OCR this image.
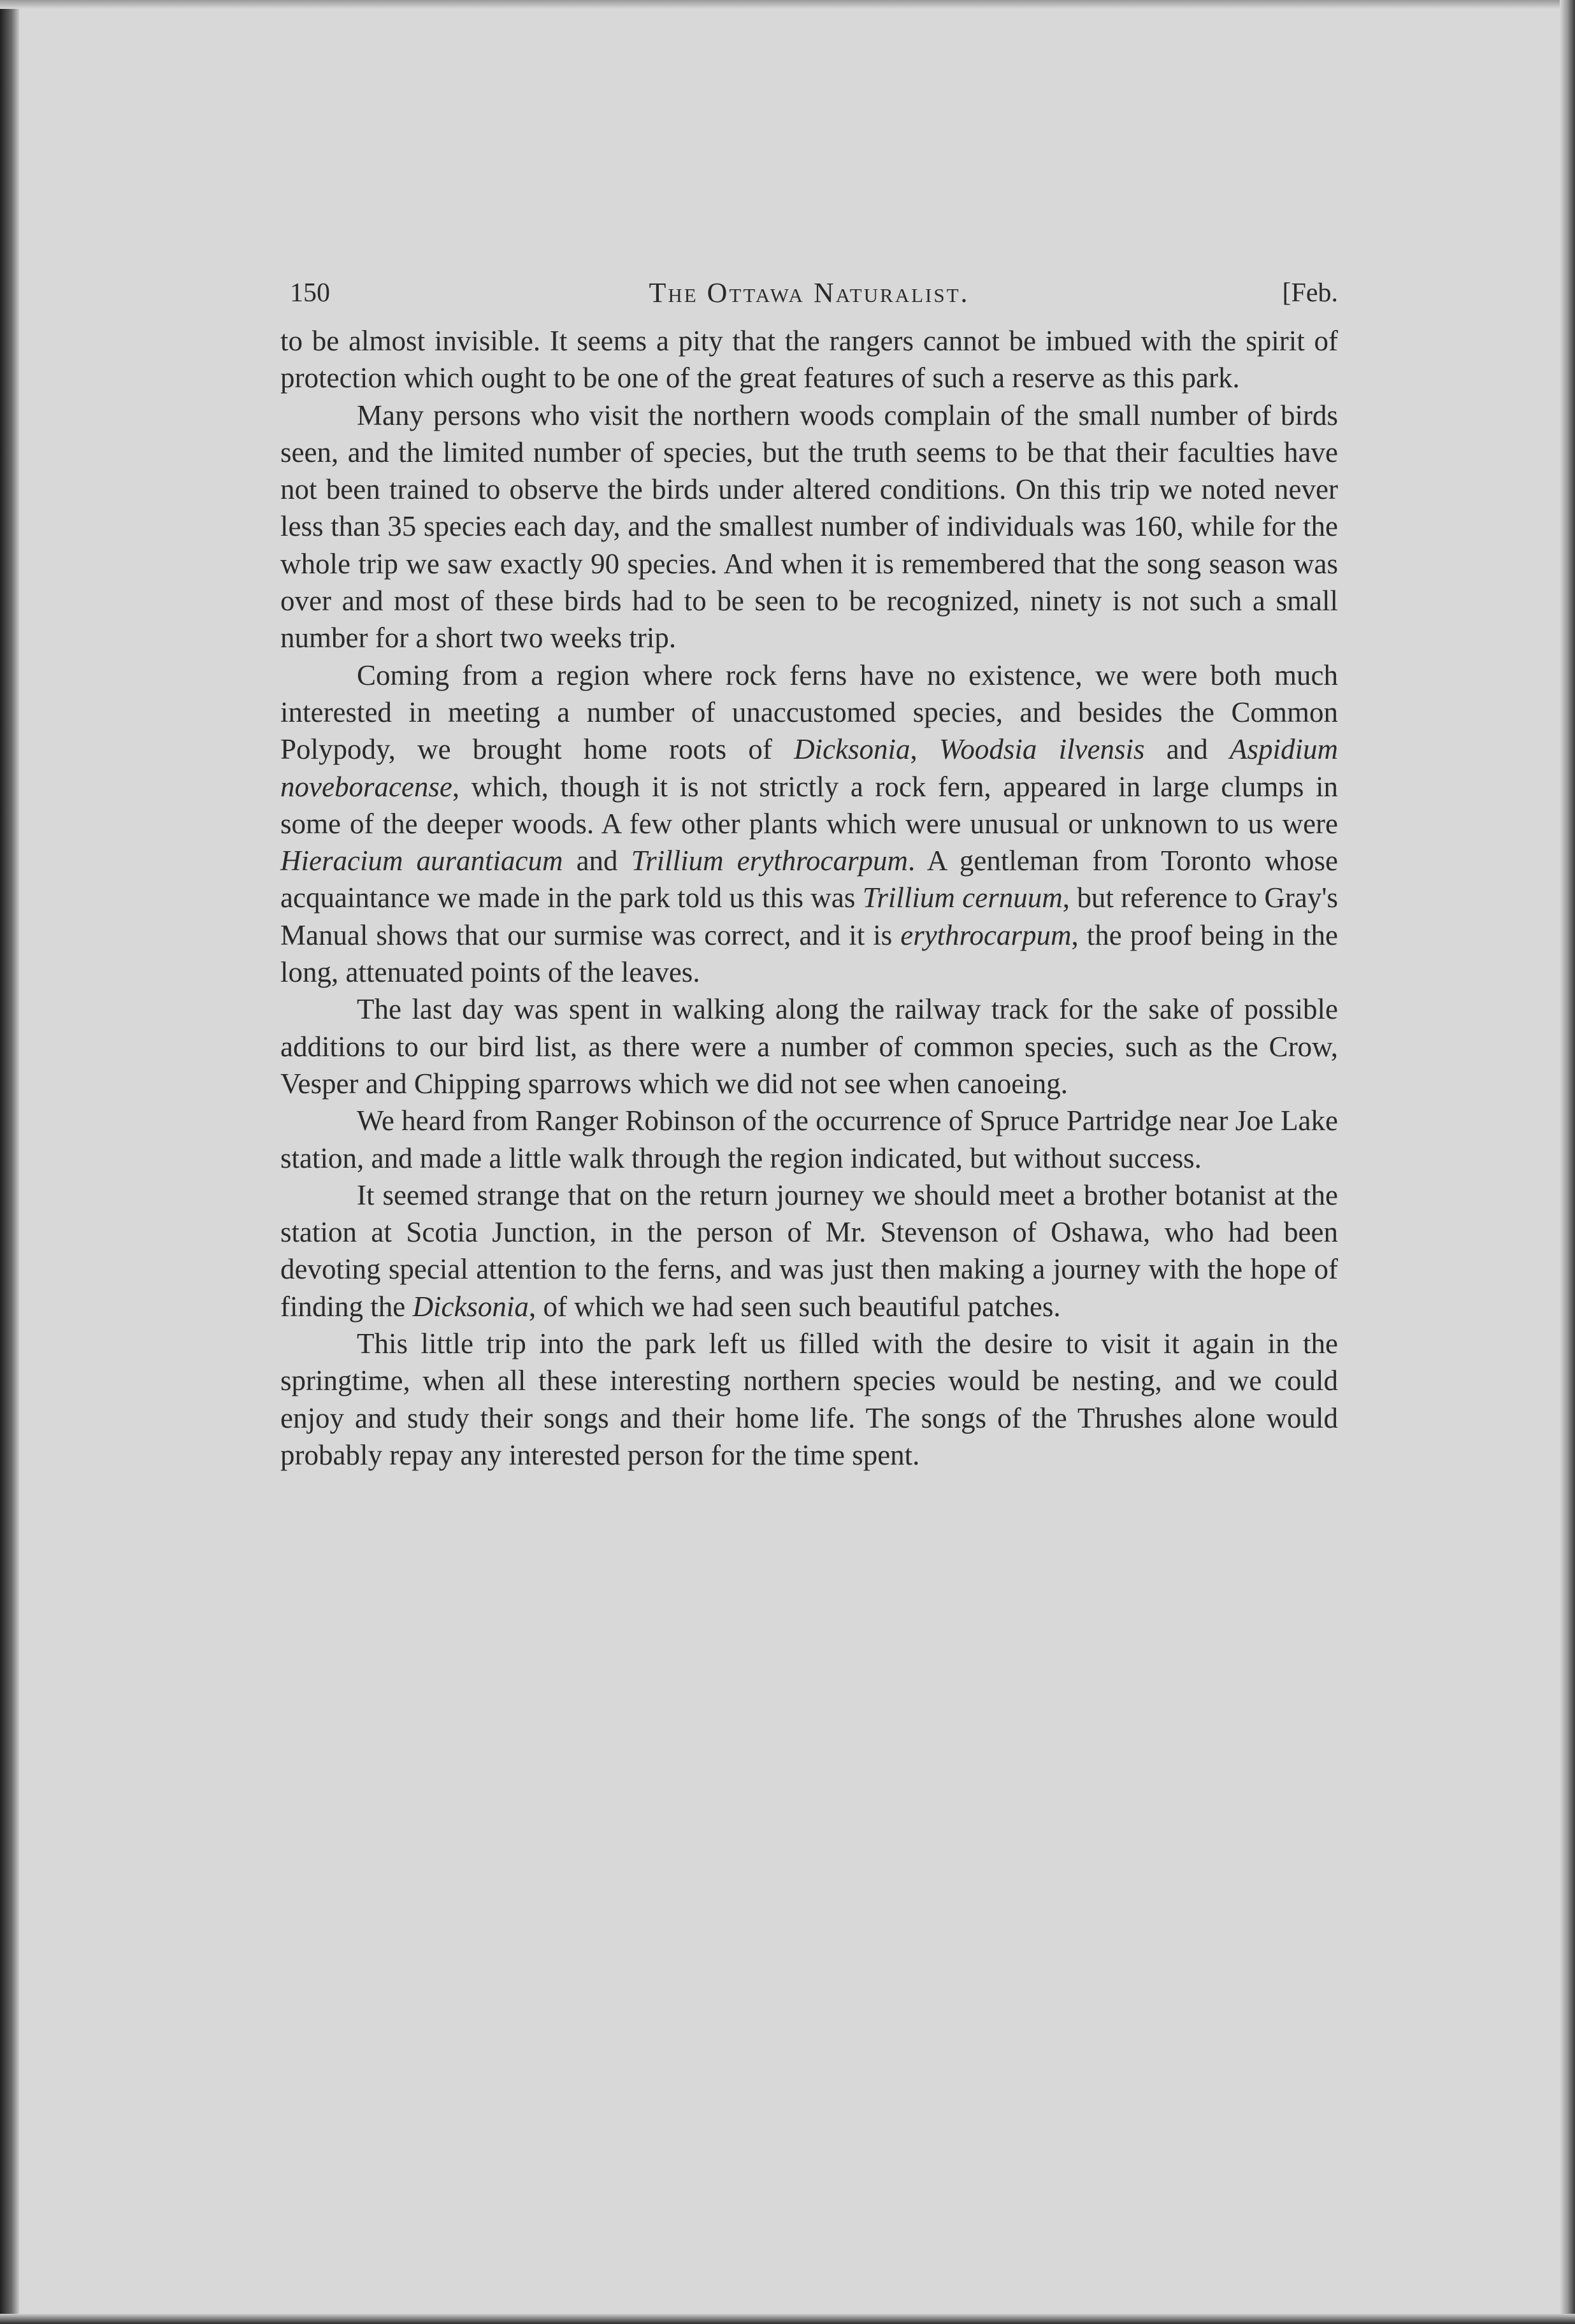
150	The Ottawa Naturalist.	[Feb.

to be almost invisible. It seems a pity that the rangers cannot be imbued with the spirit of protection which ought to be one of the great features of such a reserve as this park.

Many persons who visit the northern woods complain of the small number of birds seen, and the limited number of species, but the truth seems to be that their faculties have not been trained to observe the birds under altered conditions. On this trip we noted never less than 35 species each day, and the smallest number of individuals was 160, while for the whole trip we saw exactly 90 species. And when it is remembered that the song season was over and most of these birds had to be seen to be recognized, ninety is not such a small number for a short two weeks trip.

Coming from a region where rock ferns have no existence, we were both much interested in meeting a number of unaccustomed species, and besides the Common Polypody, we brought home roots of Dicksonia, Woodsia ilvensis and Aspidium noveboracense, which, though it is not strictly a rock fern, appeared in large clumps in some of the deeper woods. A few other plants which were unusual or unknown to us were Hieracium aurantiacum and Trillium erythrocarpum. A gentleman from Toronto whose acquaintance we made in the park told us this was Trillium cernuum, but reference to Gray's Manual shows that our surmise was correct, and it is erythrocarpum, the proof being in the long, attenuated points of the leaves.

The last day was spent in walking along the railway track for the sake of possible additions to our bird list, as there were a number of common species, such as the Crow, Vesper and Chipping sparrows which we did not see when canoeing.

We heard from Ranger Robinson of the occurrence of Spruce Partridge near Joe Lake station, and made a little walk through the region indicated, but without success.

It seemed strange that on the return journey we should meet a brother botanist at the station at Scotia Junction, in the person of Mr. Stevenson of Oshawa, who had been devoting special attention to the ferns, and was just then making a journey with the hope of finding the Dicksonia, of which we had seen such beautiful patches.

This little trip into the park left us filled with the desire to visit it again in the springtime, when all these interesting northern species would be nesting, and we could enjoy and study their songs and their home life. The songs of the Thrushes alone would probably repay any interested person for the time spent.
